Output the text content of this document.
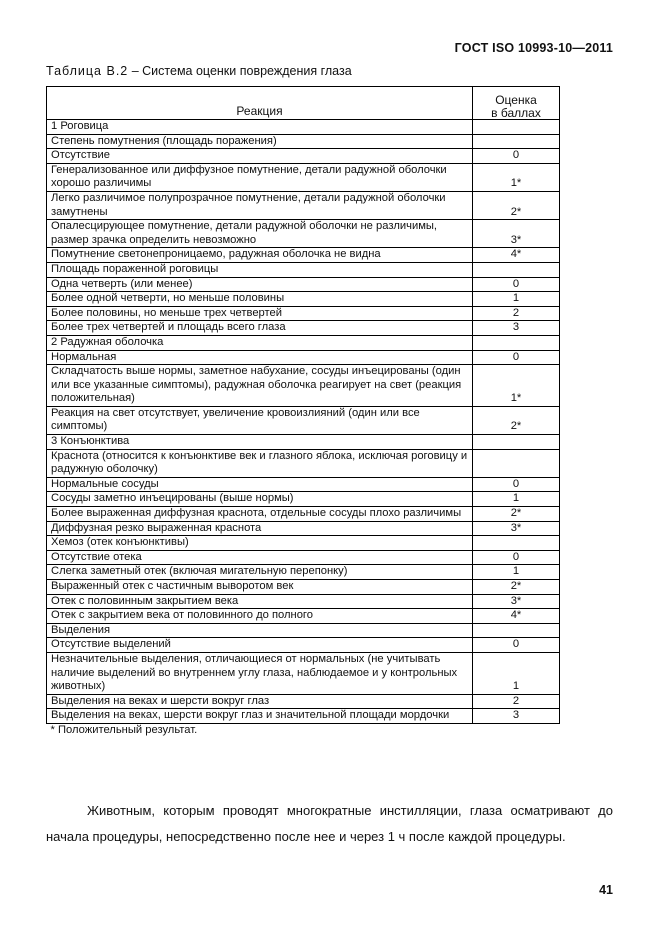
ГОСТ ISO 10993-10—2011
Таблица В.2 – Система оценки повреждения глаза
Реакция	Оценка
в баллах
1 Роговица	
Степень помутнения (площадь поражения)	
Отсутствие	0
Генерализованное или диффузное помутнение, детали радужной оболочки хорошо различимы	1*
Легко различимое полупрозрачное помутнение, детали радужной оболочки замутнены	2*
Опалесцирующее помутнение, детали радужной оболочки не различимы, размер зрачка определить невозможно	3*
Помутнение светонепроницаемо, радужная оболочка не видна	4*
Площадь пораженной роговицы	
Одна четверть (или менее)	0
Более одной четверти, но меньше половины	1
Более половины, но меньше трех четвертей	2
Более трех четвертей и площадь всего глаза	3
2 Радужная оболочка	
Нормальная	0
Складчатость выше нормы, заметное набухание, сосуды инъецированы (один или все указанные симптомы), радужная оболочка реагирует на свет (реакция положительная)	1*
Реакция на свет отсутствует, увеличение кровоизлияний (один или все симптомы)	2*
3 Конъюнктива	
Краснота (относится к конъюнктиве век и глазного яблока, исключая роговицу и радужную оболочку)	
Нормальные сосуды	0
Сосуды заметно инъецированы (выше нормы)	1
Более выраженная диффузная краснота, отдельные сосуды плохо различимы	2*
Диффузная резко выраженная краснота	3*
Хемоз (отек конъюнктивы)	
Отсутствие отека	0
Слегка заметный отек (включая мигательную перепонку)	1
Выраженный отек с частичным выворотом век	2*
Отек с половинным закрытием века	3*
Отек с закрытием века от половинного до полного	4*
Выделения	
Отсутствие выделений	0
Незначительные выделения, отличающиеся от нормальных (не учитывать наличие выделений во внутреннем углу глаза, наблюдаемое и у контрольных животных)	1
Выделения на веках и шерсти вокруг глаз	2
Выделения на веках, шерсти вокруг глаз и значительной площади мордочки	3
* Положительный результат.	
Животным, которым проводят многократные инстилляции, глаза осматривают до начала процедуры, непосредственно после нее и через 1 ч после каждой процедуры.
41
